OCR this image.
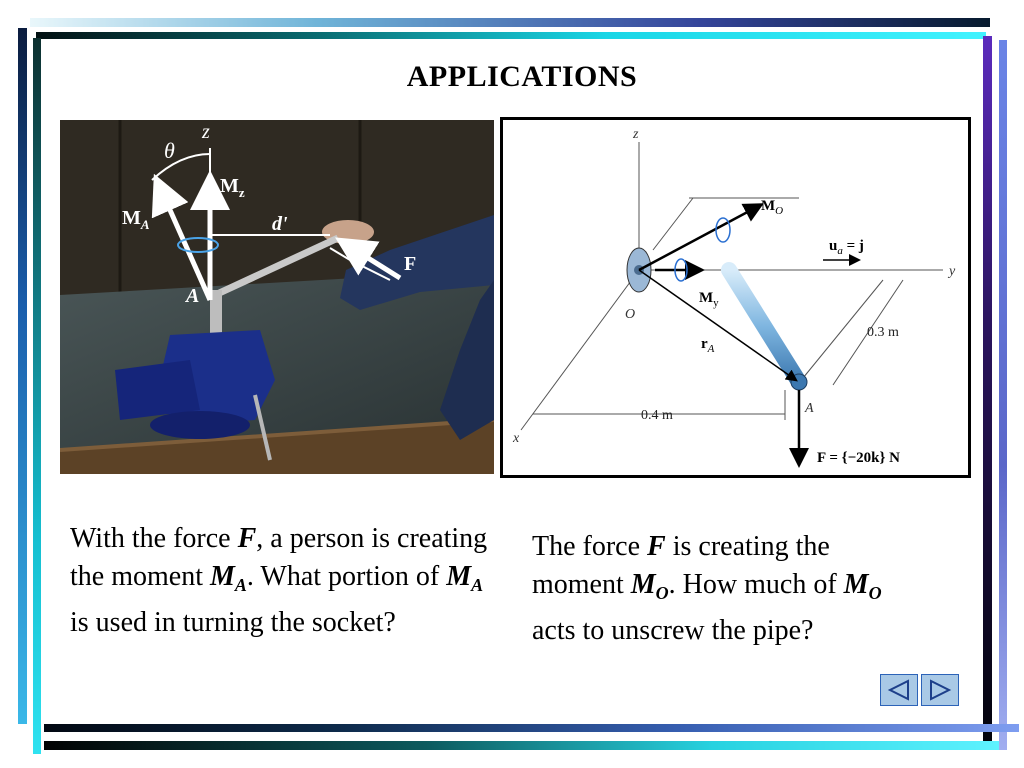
APPLICATIONS
θ
z
$M_z$
$M_A$	d'
A
F
z
y
x
O
A
$M_O$
$M_y$
$r_A$
$u_a = j$
0.3 m
0.4 m
F = {−20k} N
With the force F, a person is creating the moment $M_A$. What portion of $M_A$ is used in turning the socket?
The force F is creating the moment $M_O$. How much of $M_O$ acts to unscrew the pipe?
